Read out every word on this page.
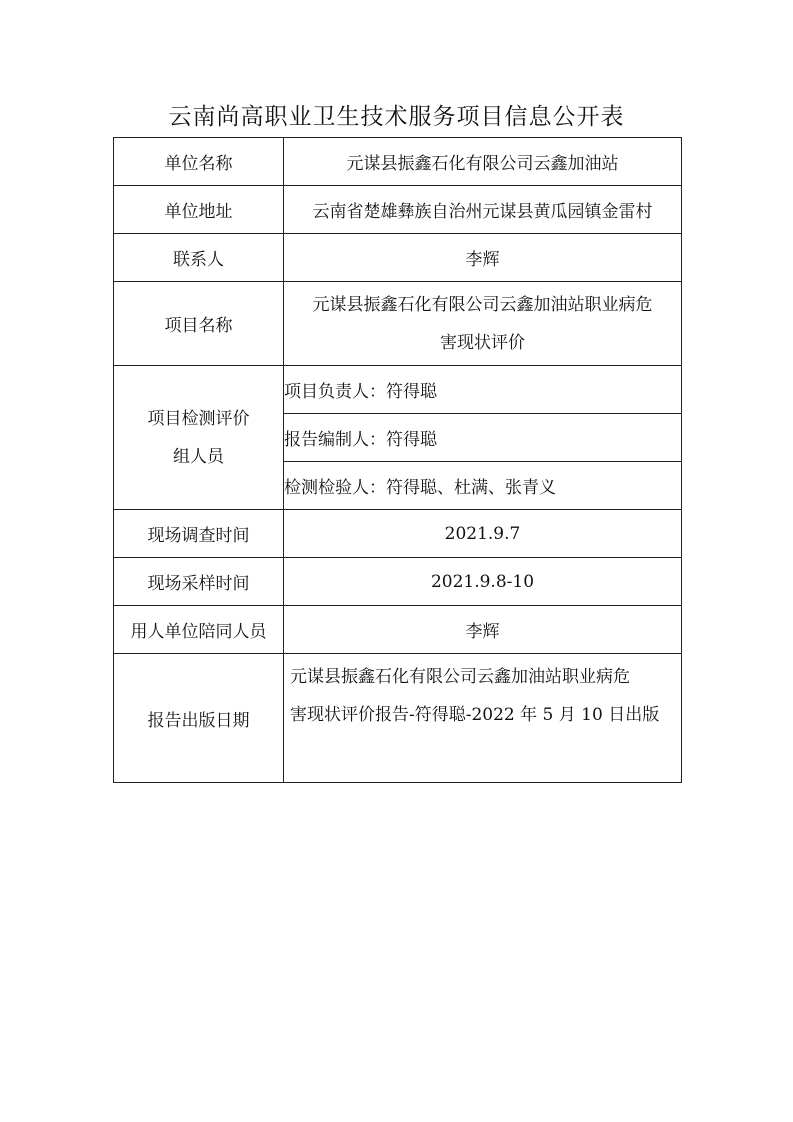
云南尚高职业卫生技术服务项目信息公开表
单位名称	元谋县振鑫石化有限公司云鑫加油站
单位地址	云南省楚雄彝族自治州元谋县黄瓜园镇金雷村
联系人	李辉
项目名称	元谋县振鑫石化有限公司云鑫加油站职业病危
害现状评价

项目检测评价
组人员	项目负责人：符得聪
	报告编制人：符得聪
	检测检验人：符得聪、杜满、张青义
现场调查时间	2021.9.7
现场采样时间	2021.9.8-10
用人单位陪同人员	李辉
报告出版日期	元谋县振鑫石化有限公司云鑫加油站职业病危
害现状评价报告-符得聪-2022 年 5 月 10 日出版
